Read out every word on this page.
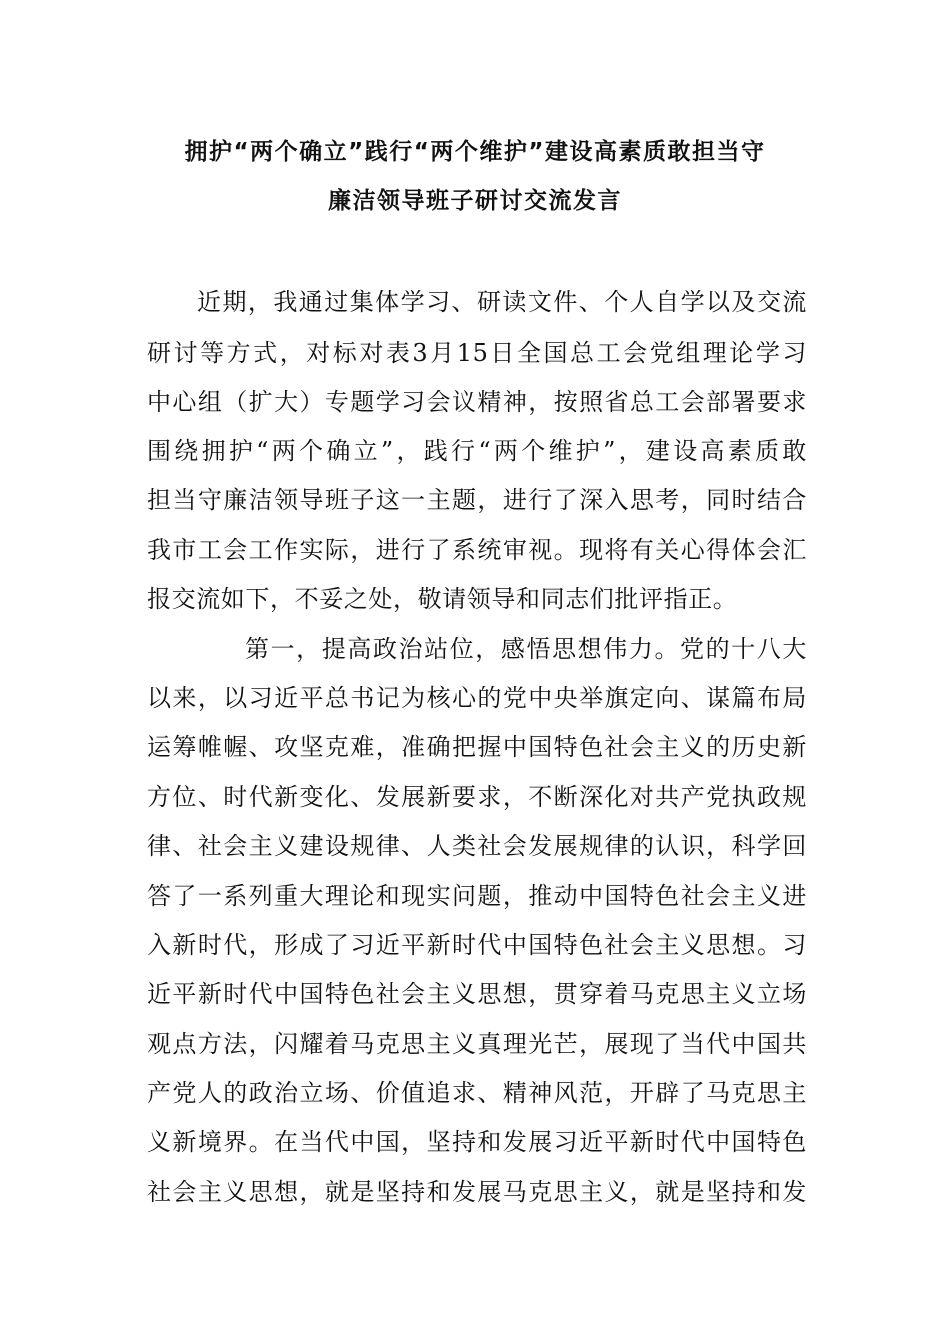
拥护“两个确立”践行“两个维护”建设高素质敢担当守
廉洁领导班子研讨交流发言
近期，我通过集体学习、研读文件、个人自学以及交流
研讨等方式，对标对表3月15日全国总工会党组理论学习
中心组（扩大）专题学习会议精神，按照省总工会部署要求
围绕拥护“两个确立”，践行“两个维护”，建设高素质敢
担当守廉洁领导班子这一主题，进行了深入思考，同时结合
我市工会工作实际，进行了系统审视。现将有关心得体会汇
报交流如下，不妥之处，敬请领导和同志们批评指正。
第一，提高政治站位，感悟思想伟力。党的十八大
以来，以习近平总书记为核心的党中央举旗定向、谋篇布局
运筹帷幄、攻坚克难，准确把握中国特色社会主义的历史新
方位、时代新变化、发展新要求，不断深化对共产党执政规
律、社会主义建设规律、人类社会发展规律的认识，科学回
答了一系列重大理论和现实问题，推动中国特色社会主义进
入新时代，形成了习近平新时代中国特色社会主义思想。习
近平新时代中国特色社会主义思想，贯穿着马克思主义立场
观点方法，闪耀着马克思主义真理光芒，展现了当代中国共
产党人的政治立场、价值追求、精神风范，开辟了马克思主
义新境界。在当代中国，坚持和发展习近平新时代中国特色
社会主义思想，就是坚持和发展马克思主义，就是坚持和发
